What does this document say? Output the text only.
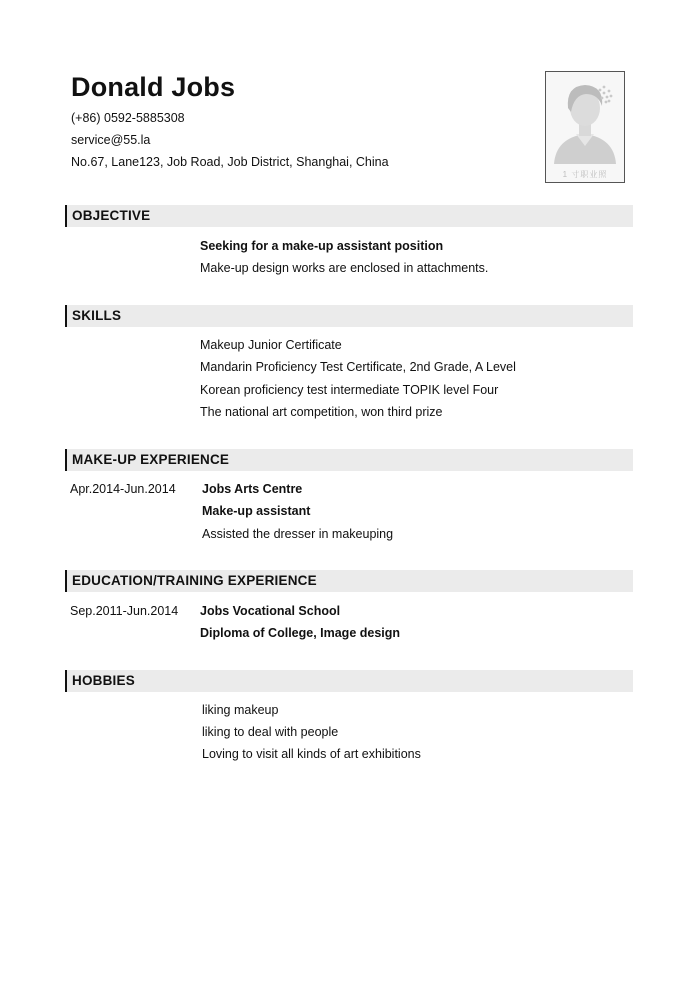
Donald Jobs
(+86) 0592-5885308
service@55.la
No.67, Lane123, Job Road, Job District, Shanghai, China
1 寸职业照
OBJECTIVE
Seeking for a make-up assistant position
Make-up design works are enclosed in attachments.
SKILLS
Makeup Junior Certificate
Mandarin Proficiency Test Certificate, 2nd Grade, A Level
Korean proficiency test intermediate TOPIK level Four
The national art competition, won third prize
MAKE-UP EXPERIENCE
Apr.2014-Jun.2014 Jobs Arts Centre
Make-up assistant
Assisted the dresser in makeuping
EDUCATION/TRAINING EXPERIENCE
Sep.2011-Jun.2014 Jobs Vocational School
Diploma of College, Image design
HOBBIES
liking makeup
liking to deal with people
Loving to visit all kinds of art exhibitions
